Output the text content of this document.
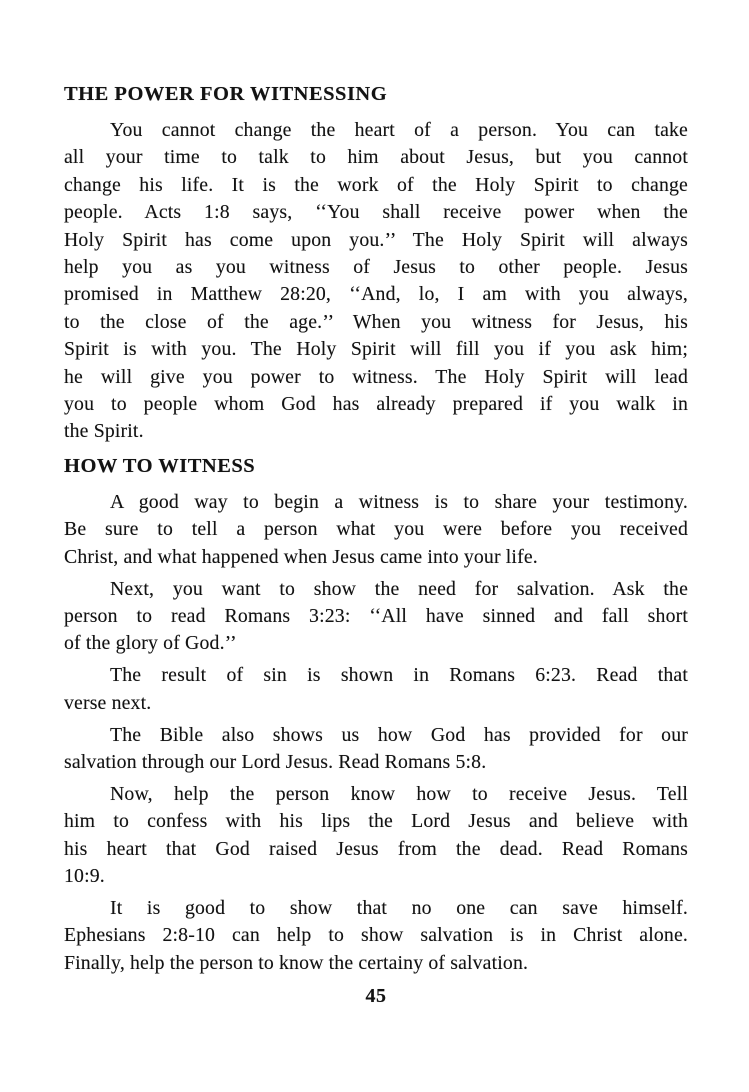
THE POWER FOR WITNESSING
You cannot change the heart of a person. You can take
all your time to talk to him about Jesus, but you cannot
change his life. It is the work of the Holy Spirit to change
people. Acts 1:8 says, ‘‘You shall receive power when the
Holy Spirit has come upon you.’’ The Holy Spirit will always
help you as you witness of Jesus to other people. Jesus
promised in Matthew 28:20, ‘‘And, lo, I am with you always,
to the close of the age.’’ When you witness for Jesus, his
Spirit is with you. The Holy Spirit will fill you if you ask him;
he will give you power to witness. The Holy Spirit will lead
you to people whom God has already prepared if you walk in
the Spirit.
HOW TO WITNESS
A good way to begin a witness is to share your testimony.
Be sure to tell a person what you were before you received
Christ, and what happened when Jesus came into your life.
Next, you want to show the need for salvation. Ask the
person to read Romans 3:23: ‘‘All have sinned and fall short
of the glory of God.’’
The result of sin is shown in Romans 6:23. Read that
verse next.
The Bible also shows us how God has provided for our
salvation through our Lord Jesus. Read Romans 5:8.
Now, help the person know how to receive Jesus. Tell
him to confess with his lips the Lord Jesus and believe with
his heart that God raised Jesus from the dead. Read Romans
10:9.
It is good to show that no one can save himself.
Ephesians 2:8-10 can help to show salvation is in Christ alone.
Finally, help the person to know the certainy of salvation.
45
